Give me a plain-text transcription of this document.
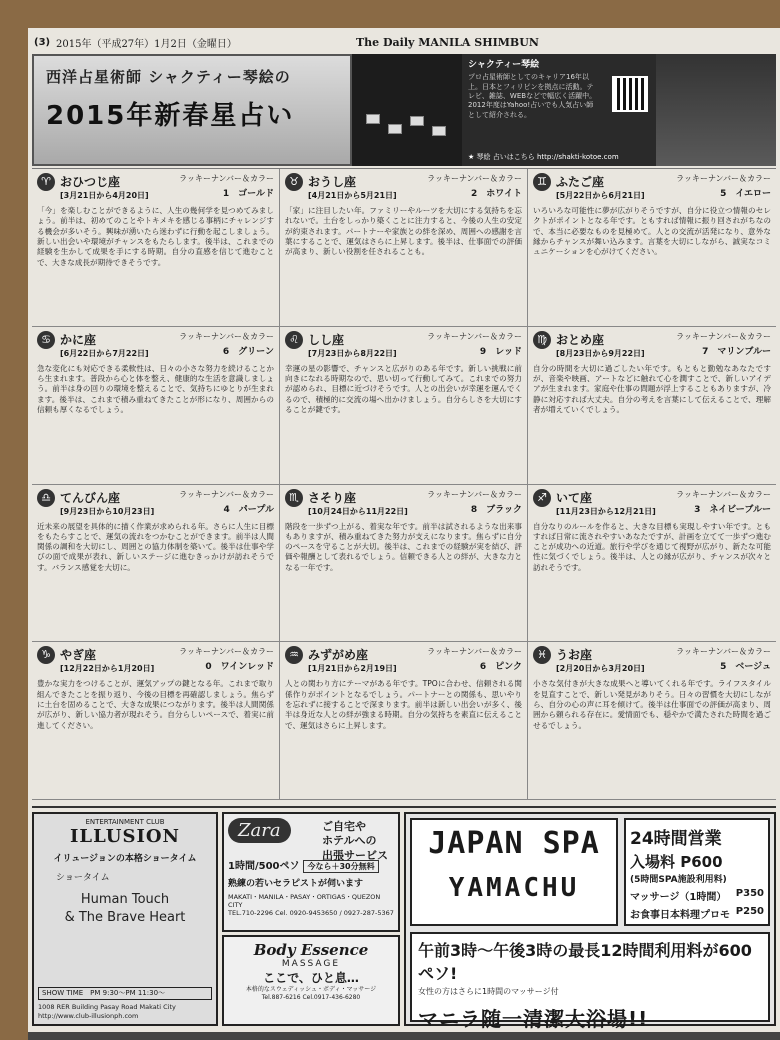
(3) 2015年（平成27年）1月2日（金曜日）	The Daily MANILA SHIMBUN
西洋占星術師 シャクティー琴絵の
2015年新春星占い
シャクティー琴絵
プロ占星術師としてのキャリア16年以上。日本とフィリピンを拠点に活動。テレビ、雑誌、WEBなどで幅広く活躍中。2012年度はYahoo!占いでも人気占い師として紹介される。
★ 琴絵 占いはこちら http://shakti-kotoe.com
♈ おひつじ座
[3月21日から4月20日]
ラッキーナンバー＆カラー
1　ゴールド
「今」を楽しむことができるように、人生の幾何学を見つめてみましょう。前半は、初めてのことやトキメキを感じる事柄にチャレンジする機会が多いそう。興味が湧いたら迷わずに行動を起こしましょう。新しい出会いや環境がチャンスをもたらします。後半は、これまでの経験を生かして成果を手にする時期。自分の直感を信じて進むことで、大きな成長が期待できそうです。
♉ おうし座
[4月21日から5月21日]
ラッキーナンバー＆カラー
2　ホワイト
「家」に注目したい年。ファミリーやルーツを大切にする気持ちを忘れないで。土台をしっかり築くことに注力すると、今後の人生の安定が約束されます。パートナーや家族との絆を深め、周囲への感謝を言葉にすることで、運気はさらに上昇します。後半は、仕事面での評価が高まり、新しい役割を任されることも。
♊ ふたご座
[5月22日から6月21日]
ラッキーナンバー＆カラー
5　イエロー
いろいろな可能性に夢が広がりそうですが、自分に役立つ情報のセレクトがポイントとなる年です。ともすれば情報に振り回されがちなので、本当に必要なものを見極めて。人との交流が活発になり、意外な縁からチャンスが舞い込みます。言葉を大切にしながら、誠実なコミュニケーションを心がけてください。
♋ かに座
[6月22日から7月22日]
ラッキーナンバー＆カラー
6　グリーン
急な変化にも対応できる柔軟性は、日々の小さな努力を続けることから生まれます。普段から心と体を整え、健康的な生活を意識しましょう。前半は身の回りの環境を整えることで、気持ちにゆとりが生まれます。後半は、これまで積み重ねてきたことが形になり、周囲からの信頼も厚くなるでしょう。
♌ しし座
[7月23日から8月22日]
ラッキーナンバー＆カラー
9　レッド
幸運の星の影響で、チャンスと広がりのある年です。新しい挑戦に前向きになれる時期なので、思い切って行動してみて。これまでの努力が認められ、目標に近づけそうです。人との出会いが幸運を運んでくるので、積極的に交流の場へ出かけましょう。自分らしさを大切にすることが鍵です。
♍ おとめ座
[8月23日から9月22日]
ラッキーナンバー＆カラー
7　マリンブルー
自分の時間を大切に過ごしたい年です。もともと勤勉なあなたですが、音楽や映画、アートなどに触れて心を潤すことで、新しいアイデアが生まれます。家庭や仕事の問題が浮上することもありますが、冷静に対応すれば大丈夫。自分の考えを言葉にして伝えることで、理解者が増えていくでしょう。
♎ てんびん座
[9月23日から10月23日]
ラッキーナンバー＆カラー
4　パープル
近未来の展望を具体的に描く作業が求められる年。さらに人生に目標をもたらすことで、運気の流れをつかむことができます。前半は人間関係の調和を大切にし、周囲との協力体制を築いて。後半は仕事や学びの面で成果が表れ、新しいステージに進むきっかけが訪れそうです。バランス感覚を大切に。
♏ さそり座
[10月24日から11月22日]
ラッキーナンバー＆カラー
8　ブラック
階段を一歩ずつ上がる、着実な年です。前半は試されるような出来事もありますが、積み重ねてきた努力が支えになります。焦らずに自分のペースを守ることが大切。後半は、これまでの経験が実を結び、評価や報酬として表れるでしょう。信頼できる人との絆が、大きな力となる一年です。
♐ いて座
[11月23日から12月21日]
ラッキーナンバー＆カラー
3　ネイビーブルー
自分なりのルールを作ると、大きな目標も実現しやすい年です。ともすれば日常に流されやすいあなたですが、計画を立てて一歩ずつ進むことが成功への近道。旅行や学びを通じて視野が広がり、新たな可能性に気づくでしょう。後半は、人との縁が広がり、チャンスが次々と訪れそうです。
♑ やぎ座
[12月22日から1月20日]
ラッキーナンバー＆カラー
0　ワインレッド
豊かな実力をつけることが、運気アップの鍵となる年。これまで取り組んできたことを振り返り、今後の目標を再確認しましょう。焦らずに土台を固めることで、大きな成果につながります。後半は人間関係が広がり、新しい協力者が現れそう。自分らしいペースで、着実に前進してください。
♒ みずがめ座
[1月21日から2月19日]
ラッキーナンバー＆カラー
6　ピンク
人との関わり方にテーマがある年です。TPOに合わせ、信頼される関係作りがポイントとなるでしょう。パートナーとの関係も、思いやりを忘れずに接することで深まります。前半は新しい出会いが多く、後半は身近な人との絆が強まる時期。自分の気持ちを素直に伝えることで、運気はさらに上昇します。
♓ うお座
[2月20日から3月20日]
ラッキーナンバー＆カラー
5　ベージュ
小さな気付きが大きな成果へと導いてくれる年です。ライフスタイルを見直すことで、新しい発見がありそう。日々の習慣を大切にしながら、自分の心の声に耳を傾けて。後半は仕事面での評価が高まり、周囲から頼られる存在に。愛情面でも、穏やかで満たされた時間を過ごせるでしょう。
ENTERTAINMENT CLUB
ILLUSION
イリュージョンの本格ショータイム
ショータイム
Human Touch
& The Brave Heart
SHOW TIME　PM 9:30〜PM 11:30〜
1008 RER Building Pasay Road Makati City
http://www.club-illusionph.com
Zara	ご自宅や
ホテルへの
出張サービス
1時間/500ペソ 今なら＋30分無料
熟練の若いセラピストが伺います
MAKATI・MANILA・PASAY・ORTIGAS・QUEZON CITY
TEL.710-2296 Cel. 0920-9453650 / 0927-287-5367
Body Essence
MASSAGE
ここで、ひと息…
本格的なスウェディッシュ・ボディ・マッサージ
Tel.887-6216 Cel.0917-436-6280
JAPAN SPA
YAMACHU
24時間営業
入場料 P600
(5時間SPA施設利用料)
マッサージ（1時間） P350
お食事日本料理プロモ P250
午前3時〜午後3時の最長12時間利用料が600ペソ!
女性の方はさらに1時間のマッサージ付
マニラ随一清潔大浴場!!
